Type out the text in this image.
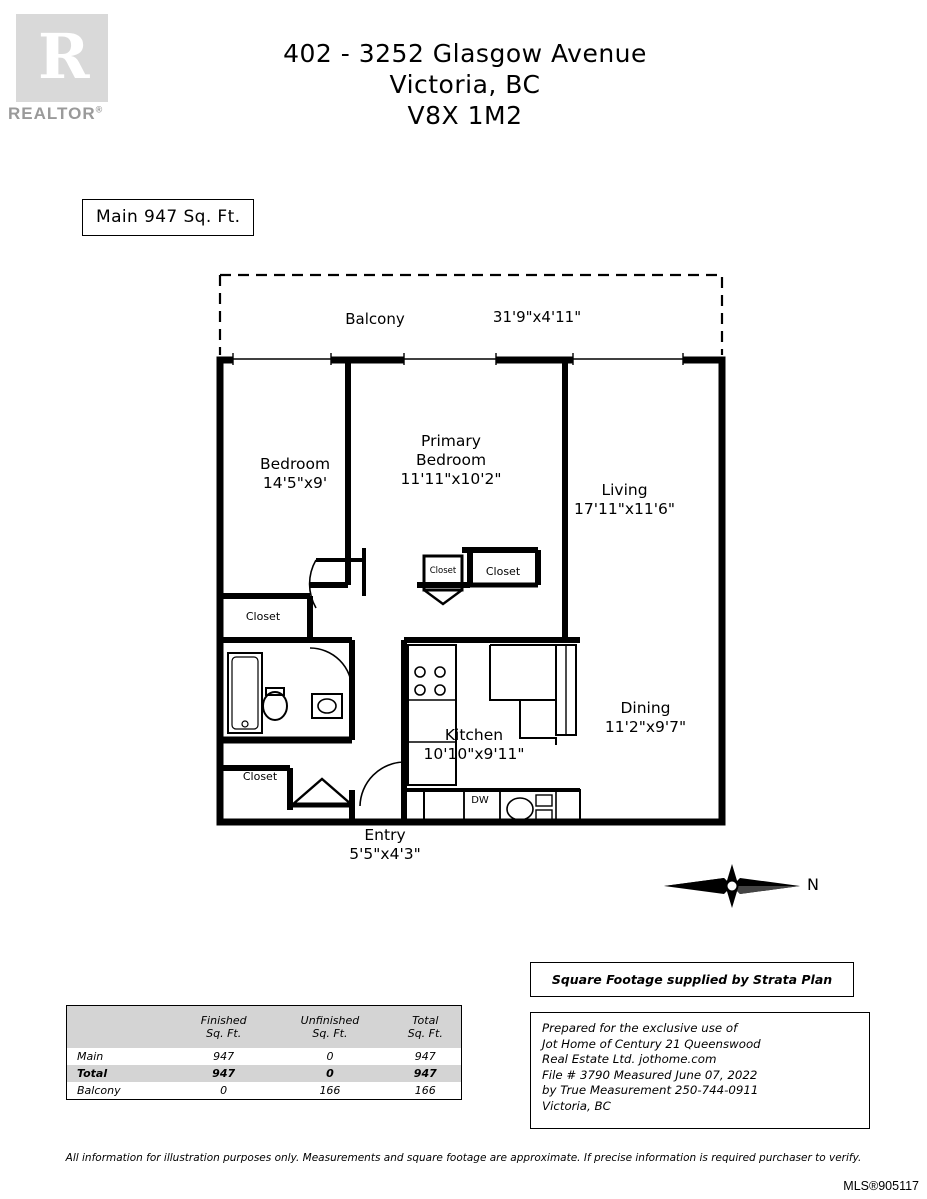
R
REALTOR®
402 - 3252 Glasgow Avenue
Victoria, BC
V8X 1M2
Main 947 Sq. Ft.
Balcony	31'9"x4'11"
Bedroom
14'5"x9'
Primary
Bedroom
11'11"x10'2"
Living
17'11"x11'6"
Dining
11'2"x9'7"
Kitchen
10'10"x9'11"
Entry
5'5"x4'3"
Closet
Closet	Closet
Closet
DW
N
Square Footage supplied by Strata Plan
Prepared for the exclusive use of
Jot Home of Century 21 Queenswood
Real Estate Ltd. jothome.com
File # 3790 Measured June 07, 2022
by True Measurement 250-744-0911
Victoria, BC

Finished
Sq. Ft.

Unfinished
Sq. Ft.

Total
Sq. Ft.

Main	947	0	947
Total	947	0	947
Balcony	0	166	166
All information for illustration purposes only. Measurements and square footage are approximate. If precise information is required purchaser to verify.
MLS®905117
